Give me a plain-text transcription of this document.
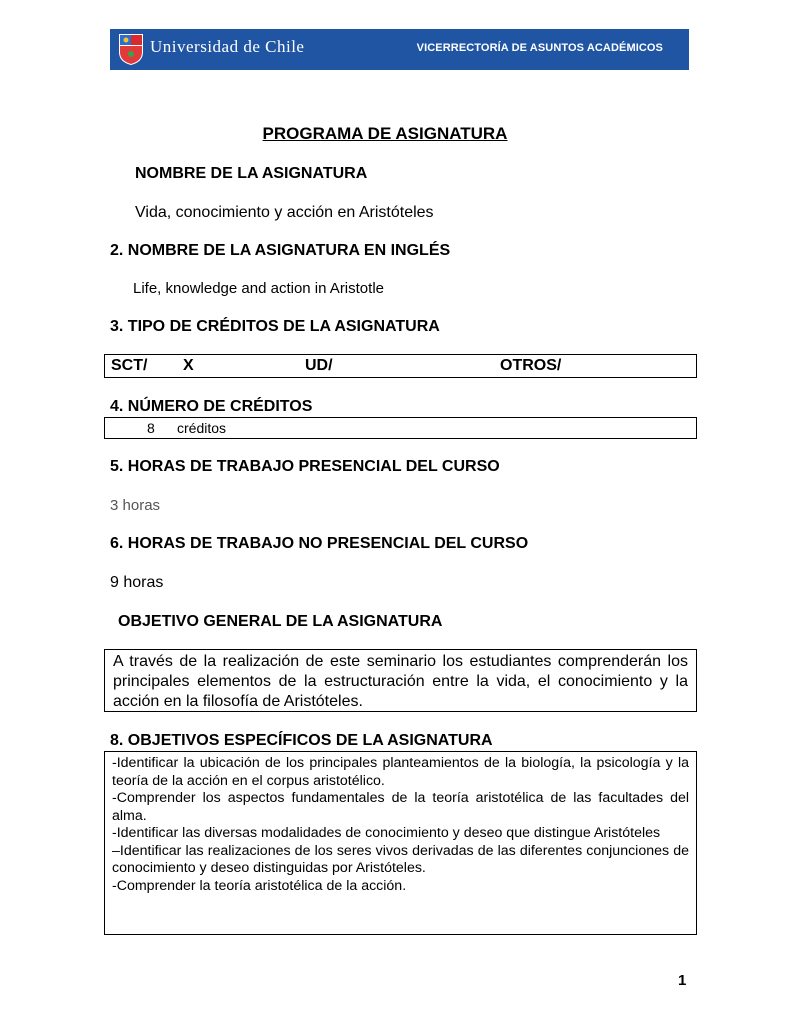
Universidad de Chile	VICERRECTORÍA DE ASUNTOS ACADÉMICOS
PROGRAMA DE ASIGNATURA
NOMBRE DE LA ASIGNATURA
Vida, conocimiento y acción en Aristóteles
2. NOMBRE DE LA ASIGNATURA EN INGLÉS
Life, knowledge and action in Aristotle
3. TIPO DE CRÉDITOS DE LA ASIGNATURA
SCT/ X	UD/	OTROS/
4. NÚMERO DE CRÉDITOS
8 créditos
5. HORAS DE TRABAJO PRESENCIAL DEL CURSO
3 horas
6. HORAS DE TRABAJO NO PRESENCIAL DEL CURSO
9 horas
OBJETIVO GENERAL DE LA ASIGNATURA
A través de la realización de este seminario los estudiantes comprenderán los principales elementos de la estructuración entre la vida, el conocimiento y la acción en la filosofía de Aristóteles.
8. OBJETIVOS ESPECÍFICOS DE LA ASIGNATURA
-Identificar la ubicación de los principales planteamientos de la biología, la psicología y la teoría de la acción en el corpus aristotélico.
-Comprender los aspectos fundamentales de la teoría aristotélica de las facultades del alma.
-Identificar las diversas modalidades de conocimiento y deseo que distingue Aristóteles
–Identificar las realizaciones de los seres vivos derivadas de las diferentes conjunciones de conocimiento y deseo distinguidas por Aristóteles.
-Comprender la teoría aristotélica de la acción.
1
